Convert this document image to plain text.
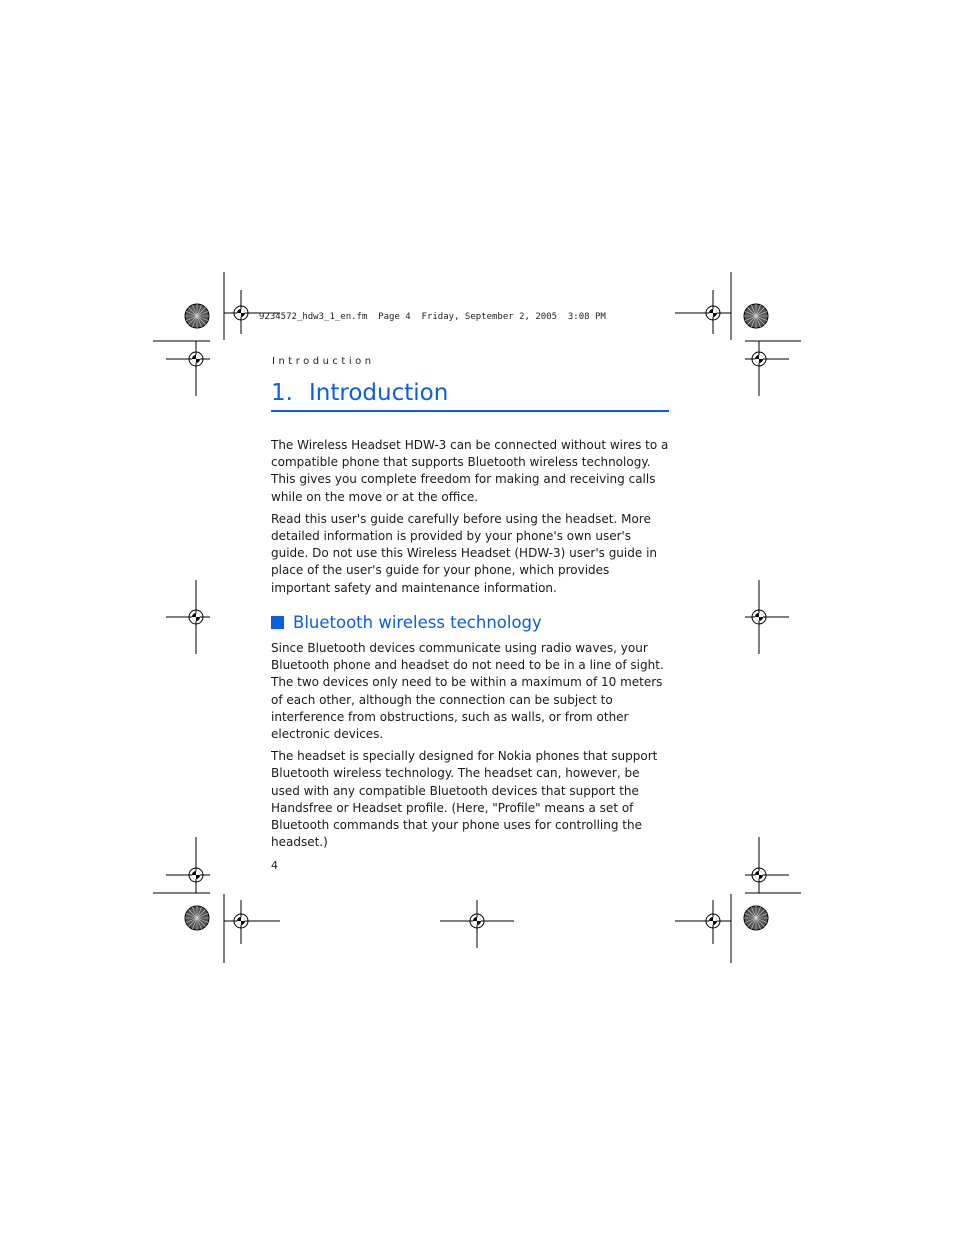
9234572_hdw3_1_en.fm  Page 4  Friday, September 2, 2005  3:08 PM
Introduction
1. Introduction

The Wireless Headset HDW-3 can be connected without wires to a compatible phone that supports Bluetooth wireless technology. This gives you complete freedom for making and receiving calls while on the move or at the office.

Read this user's guide carefully before using the headset. More detailed information is provided by your phone's own user's guide. Do not use this Wireless Headset (HDW-3) user's guide in place of the user's guide for your phone, which provides important safety and maintenance information.

Bluetooth wireless technology

Since Bluetooth devices communicate using radio waves, your Bluetooth phone and headset do not need to be in a line of sight. The two devices only need to be within a maximum of 10 meters of each other, although the connection can be subject to interference from obstructions, such as walls, or from other electronic devices.

The headset is specially designed for Nokia phones that support Bluetooth wireless technology. The headset can, however, be used with any compatible Bluetooth devices that support the Handsfree or Headset profile. (Here, "Profile" means a set of Bluetooth commands that your phone uses for controlling the headset.)

4
